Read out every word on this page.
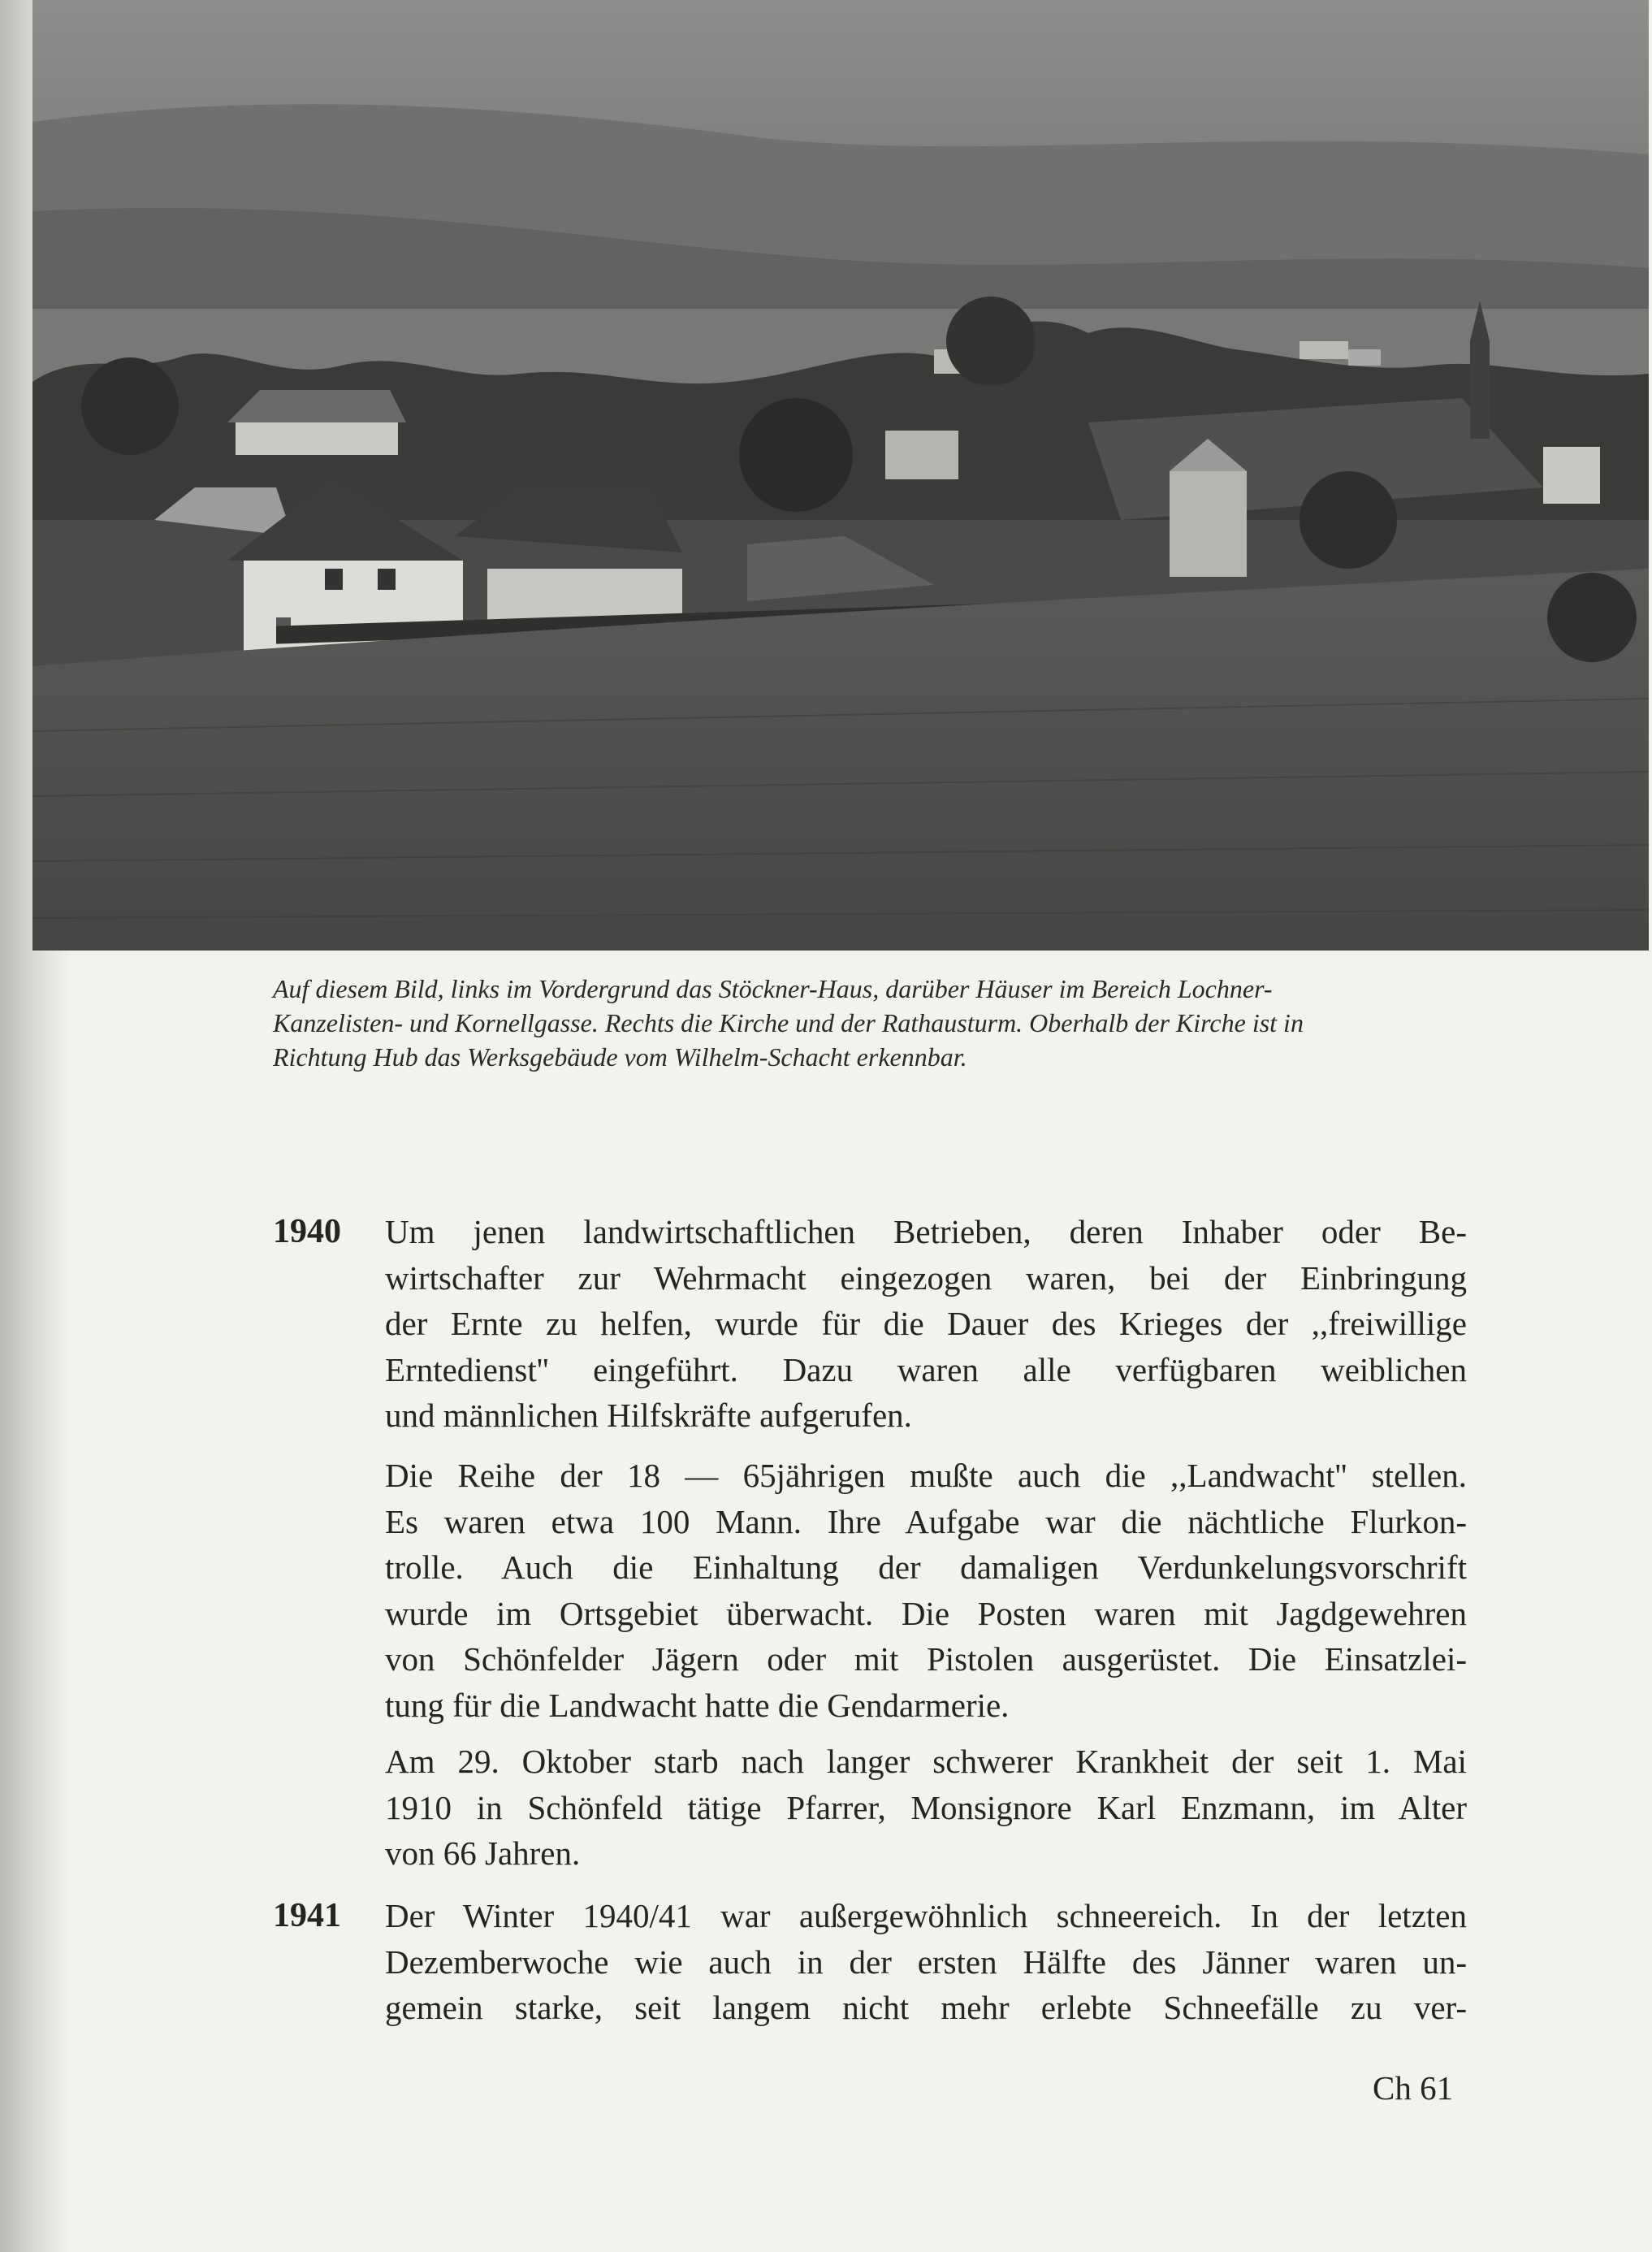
Auf diesem Bild, links im Vordergrund das Stöckner-Haus, darüber Häuser im Bereich Lochner-
Kanzelisten- und Kornellgasse. Rechts die Kirche und der Rathausturm. Oberhalb der Kirche ist in
Richtung Hub das Werksgebäude vom Wilhelm-Schacht erkennbar.
1940 Um jenen landwirtschaftlichen Betrieben, deren Inhaber oder Be-
wirtschafter zur Wehrmacht eingezogen waren, bei der Einbringung
der Ernte zu helfen, wurde für die Dauer des Krieges der ,,freiwillige
Erntedienst'' eingeführt. Dazu waren alle verfügbaren weiblichen
und männlichen Hilfskräfte aufgerufen.
Die Reihe der 18 — 65jährigen mußte auch die ,,Landwacht'' stellen.
Es waren etwa 100 Mann. Ihre Aufgabe war die nächtliche Flurkon-
trolle. Auch die Einhaltung der damaligen Verdunkelungsvorschrift
wurde im Ortsgebiet überwacht. Die Posten waren mit Jagdgewehren
von Schönfelder Jägern oder mit Pistolen ausgerüstet. Die Einsatzlei-
tung für die Landwacht hatte die Gendarmerie.
Am 29. Oktober starb nach langer schwerer Krankheit der seit 1. Mai
1910 in Schönfeld tätige Pfarrer, Monsignore Karl Enzmann, im Alter
von 66 Jahren.
1941 Der Winter 1940/41 war außergewöhnlich schneereich. In der letzten
Dezemberwoche wie auch in der ersten Hälfte des Jänner waren un-
gemein starke, seit langem nicht mehr erlebte Schneefälle zu ver-
Ch 61
